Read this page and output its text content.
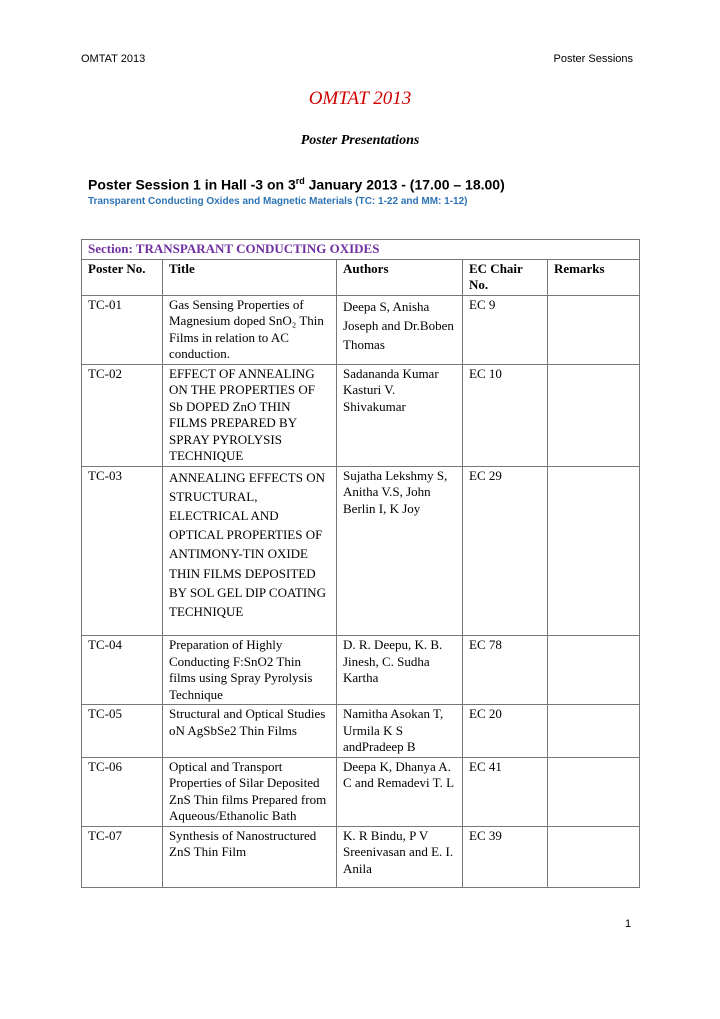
OMTAT 2013	Poster Sessions
OMTAT 2013
Poster Presentations
Poster Session 1 in Hall -3 on 3rd January 2013 - (17.00 – 18.00)
Transparent Conducting Oxides and Magnetic Materials (TC: 1-22 and MM: 1-12)
Section: TRANSPARANT CONDUCTING OXIDES				
Poster No.	Title	Authors	EC Chair No.	Remarks
TC-01	Gas Sensing Properties of Magnesium doped SnO₂ Thin Films in relation to AC conduction.	Deepa S, Anisha Joseph and Dr.Boben Thomas	EC 9	
TC-02	EFFECT OF ANNEALING ON THE PROPERTIES OF Sb DOPED ZnO THIN FILMS PREPARED BY SPRAY PYROLYSIS TECHNIQUE	Sadananda Kumar Kasturi V. Shivakumar	EC 10	
TC-03	ANNEALING EFFECTS ON STRUCTURAL, ELECTRICAL AND OPTICAL PROPERTIES OF ANTIMONY-TIN OXIDE THIN FILMS DEPOSITED BY SOL GEL DIP COATING TECHNIQUE	Sujatha Lekshmy S, Anitha V.S, John Berlin I, K Joy	EC 29	
TC-04	Preparation of Highly Conducting F:SnO2 Thin films using Spray Pyrolysis Technique	D. R. Deepu, K. B. Jinesh, C. Sudha Kartha	EC 78	
TC-05	Structural and Optical Studies oN AgSbSe2 Thin Films	Namitha Asokan T, Urmila K S andPradeep B	EC 20	
TC-06	Optical and Transport Properties of Silar Deposited ZnS Thin films Prepared from Aqueous/Ethanolic Bath	Deepa K, Dhanya A. C and Remadevi T. L	EC 41	
TC-07	Synthesis of Nanostructured ZnS Thin Film	K. R Bindu, P V Sreenivasan and E. I. Anila	EC 39	
1
